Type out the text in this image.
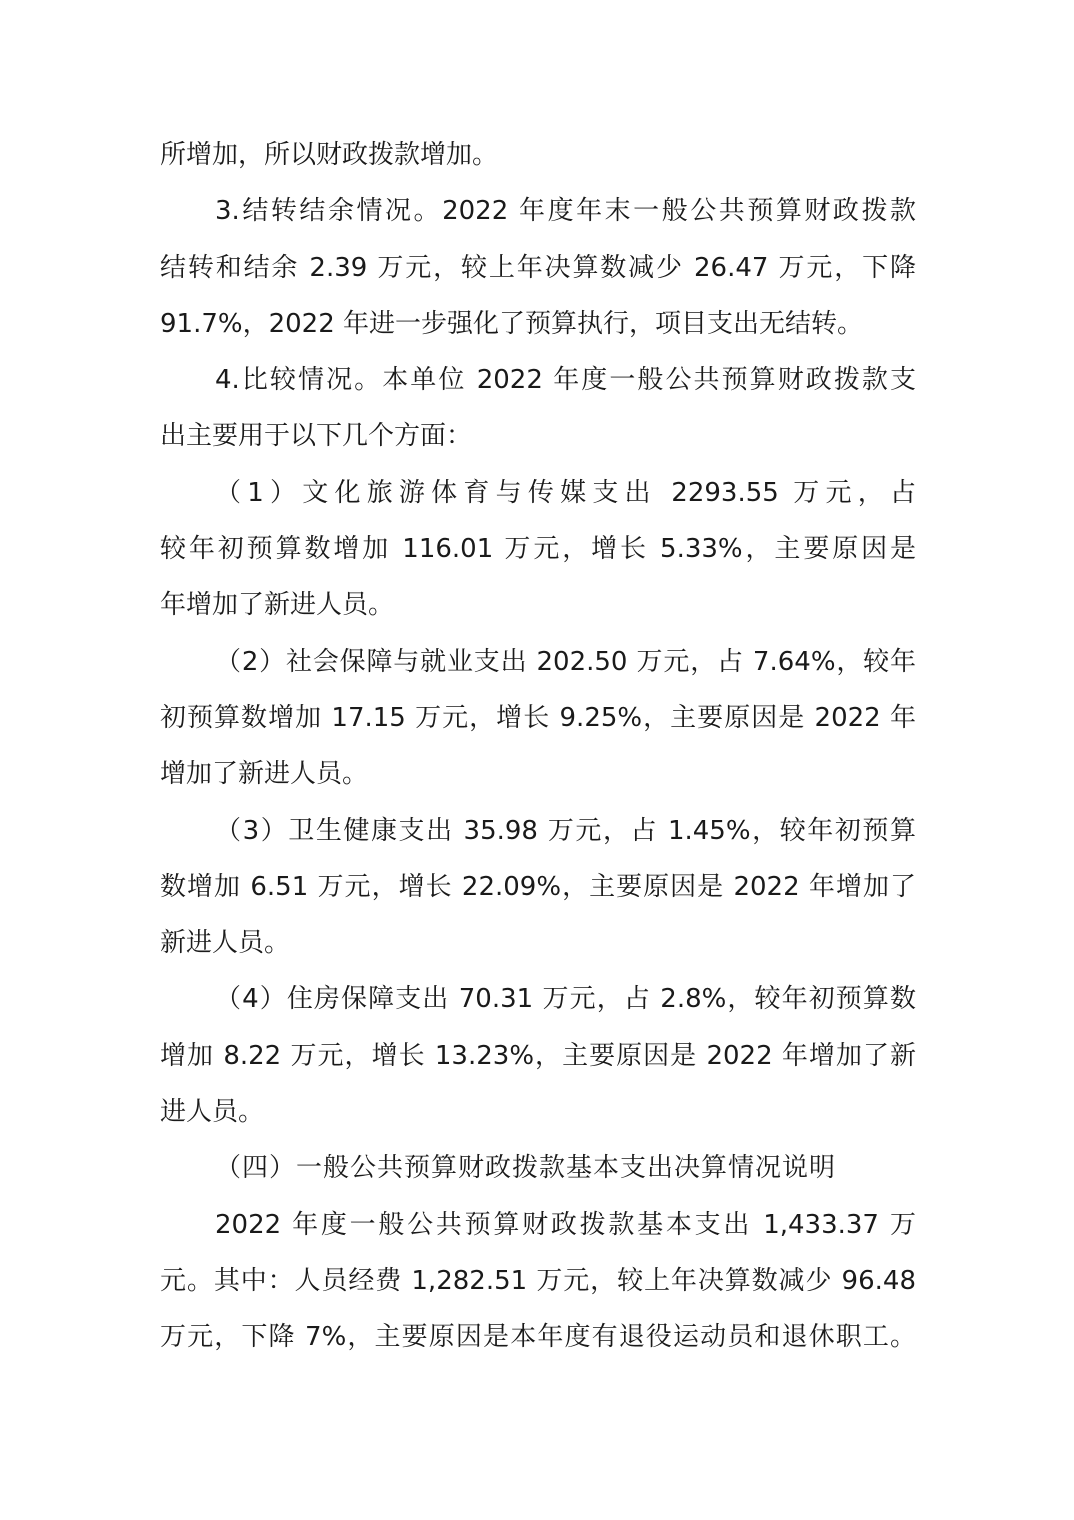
所增加，所以财政拨款增加。
3.结转结余情况。2022 年度年末一般公共预算财政拨款
结转和结余 2.39 万元，较上年决算数减少 26.47 万元，下降
91.7%，2022 年进一步强化了预算执行，项目支出无结转。
4.比较情况。本单位 2022 年度一般公共预算财政拨款支
出主要用于以下几个方面：
（1）文化旅游体育与传媒支出 2293.55 万元，占
较年初预算数增加 116.01 万元，增长 5.33%，主要原因是
年增加了新进人员。
（2）社会保障与就业支出 202.50 万元，占 7.64%，较年
初预算数增加 17.15 万元，增长 9.25%，主要原因是 2022 年
增加了新进人员。
（3）卫生健康支出 35.98 万元，占 1.45%，较年初预算
数增加 6.51 万元，增长 22.09%，主要原因是 2022 年增加了
新进人员。
（4）住房保障支出 70.31 万元，占 2.8%，较年初预算数
增加 8.22 万元，增长 13.23%，主要原因是 2022 年增加了新
进人员。
（四）一般公共预算财政拨款基本支出决算情况说明
2022 年度一般公共预算财政拨款基本支出 1,433.37 万
元。其中：人员经费 1,282.51 万元，较上年决算数减少 96.48
万元，下降 7%，主要原因是本年度有退役运动员和退休职工。
